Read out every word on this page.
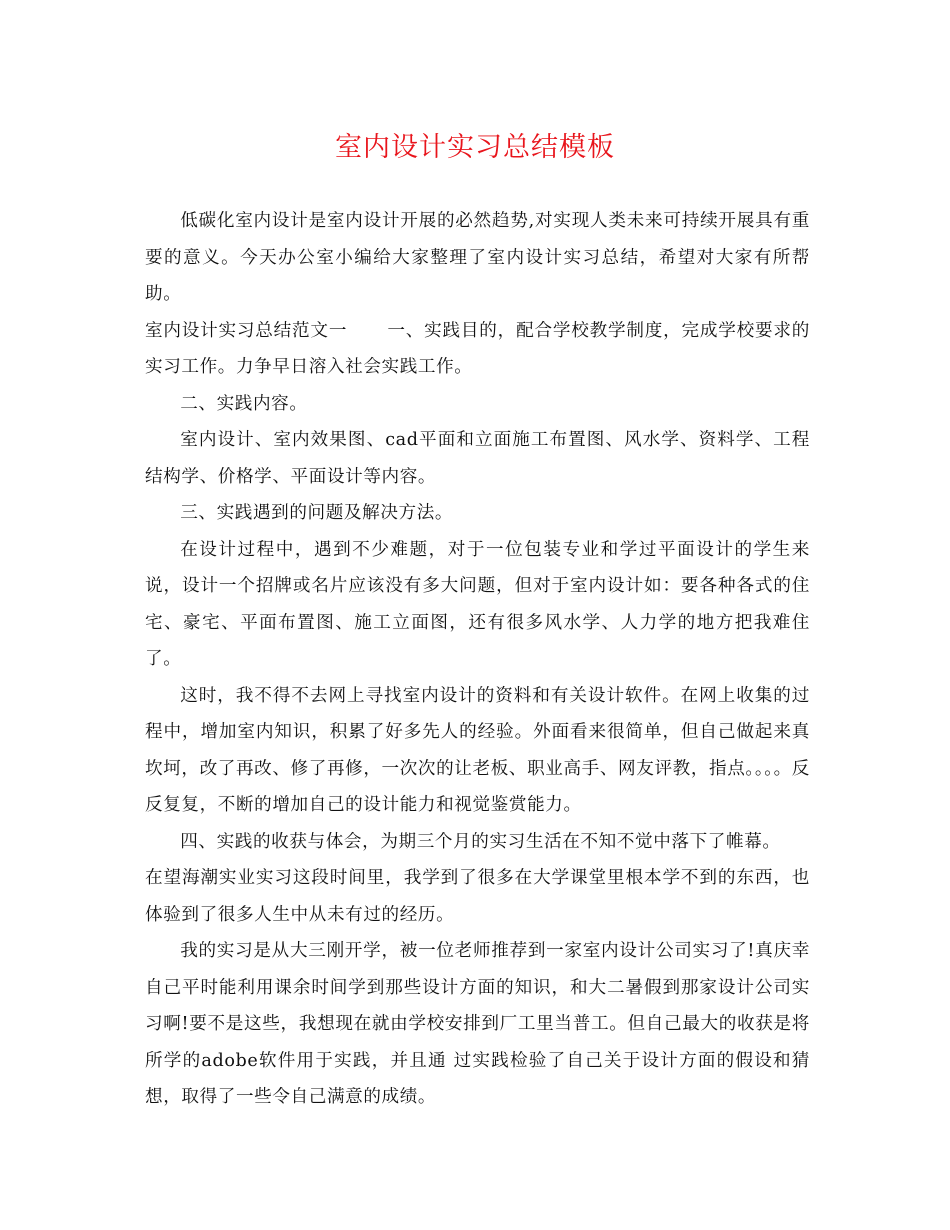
室内设计实习总结模板

低碳化室内设计是室内设计开展的必然趋势,对实现人类未来可持续开展具有重要的意义。今天办公室小编给大家整理了室内设计实习总结，希望对大家有所帮助。

室内设计实习总结范文一 一、实践目的，配合学校教学制度，完成学校要求的实习工作。力争早日溶入社会实践工作。

二、实践内容。

室内设计、室内效果图、cad平面和立面施工布置图、风水学、资料学、工程结构学、价格学、平面设计等内容。

三、实践遇到的问题及解决方法。

在设计过程中，遇到不少难题，对于一位包装专业和学过平面设计的学生来说，设计一个招牌或名片应该没有多大问题，但对于室内设计如：要各种各式的住宅、豪宅、平面布置图、施工立面图，还有很多风水学、人力学的地方把我难住了。

这时，我不得不去网上寻找室内设计的资料和有关设计软件。在网上收集的过程中，增加室内知识，积累了好多先人的经验。外面看来很简单，但自己做起来真坎坷，改了再改、修了再修，一次次的让老板、职业高手、网友评教，指点。。。。反反复复，不断的增加自己的设计能力和视觉鉴赏能力。

四、实践的收获与体会，为期三个月的实习生活在不知不觉中落下了帷幕。

在望海潮实业实习这段时间里，我学到了很多在大学课堂里根本学不到的东西，也体验到了很多人生中从未有过的经历。

我的实习是从大三刚开学，被一位老师推荐到一家室内设计公司实习了!真庆幸自己平时能利用课余时间学到那些设计方面的知识，和大二暑假到那家设计公司实习啊!要不是这些，我想现在就由学校安排到厂工里当普工。但自己最大的收获是将所学的adobe软件用于实践，并且通 过实践检验了自己关于设计方面的假设和猜想，取得了一些令自己满意的成绩。
